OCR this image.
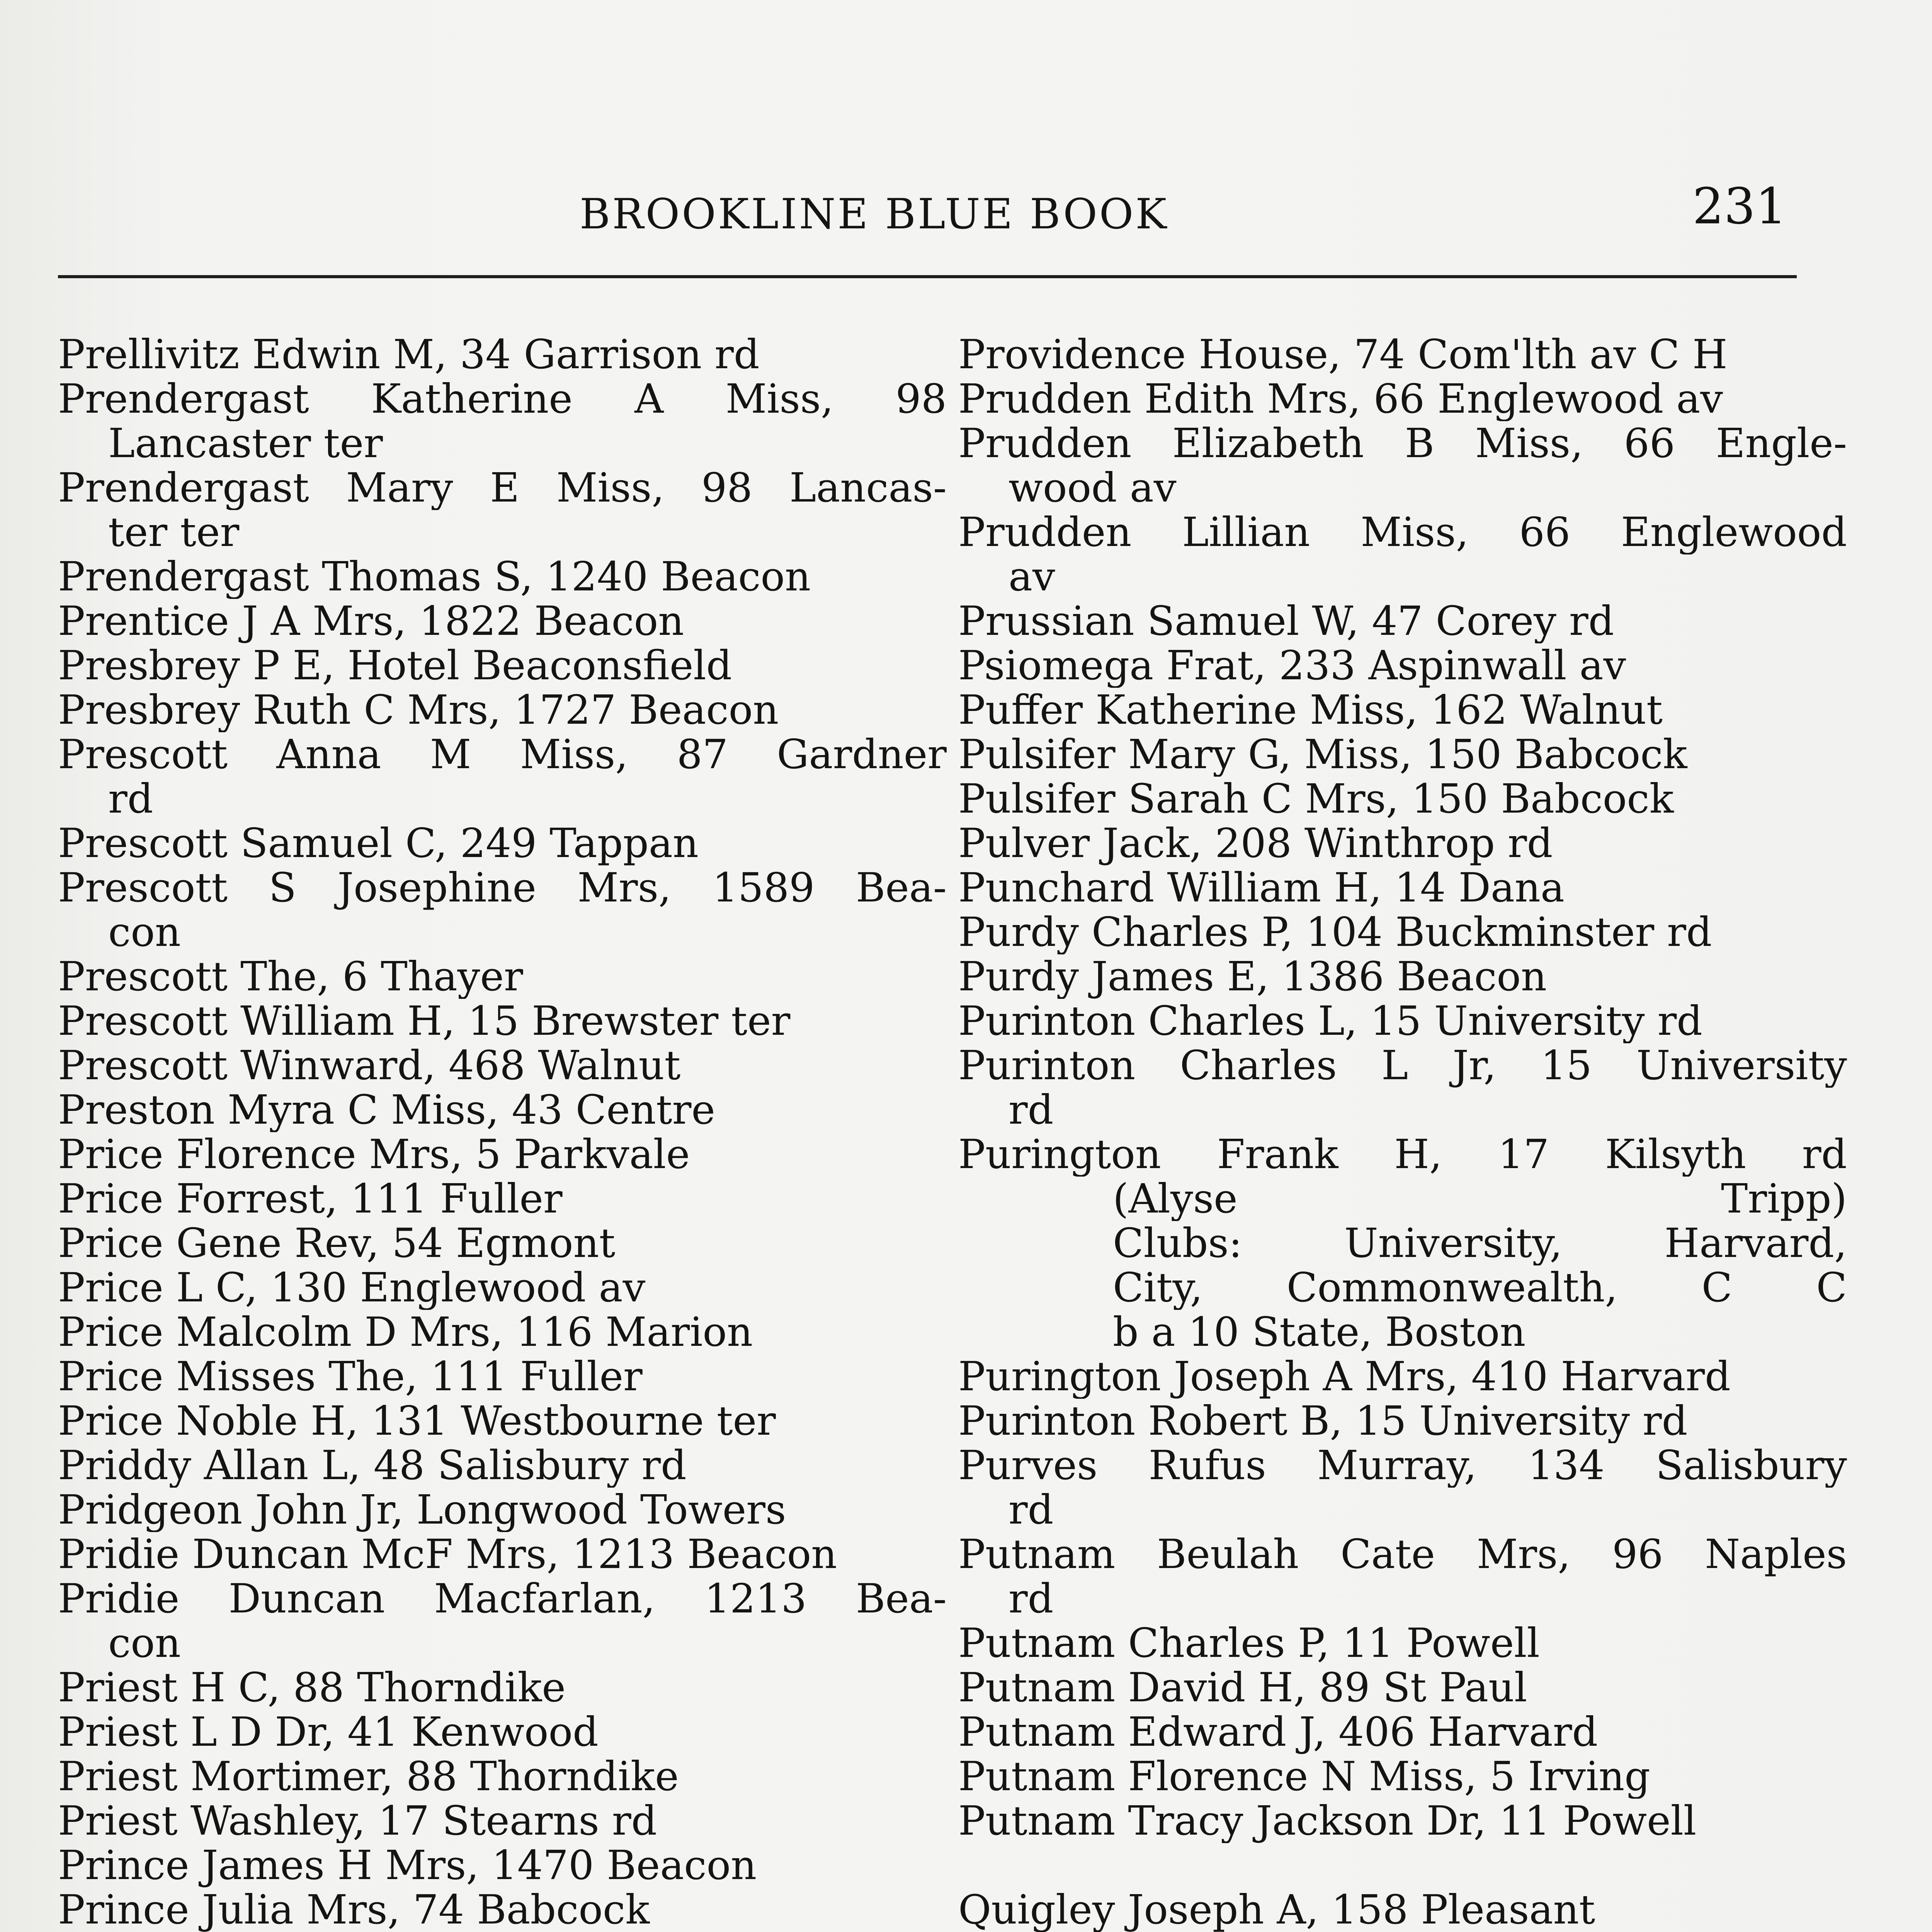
BROOKLINE BLUE BOOK	231
Prellivitz Edwin M, 34 Garrison rd
Prendergast Katherine A Miss, 98
Lancaster ter
Prendergast Mary E Miss, 98 Lancas-
ter ter
Prendergast Thomas S, 1240 Beacon
Prentice J A Mrs, 1822 Beacon
Presbrey P E, Hotel Beaconsfield
Presbrey Ruth C Mrs, 1727 Beacon
Prescott Anna M Miss, 87 Gardner
rd
Prescott Samuel C, 249 Tappan
Prescott S Josephine Mrs, 1589 Bea-
con
Prescott The, 6 Thayer
Prescott William H, 15 Brewster ter
Prescott Winward, 468 Walnut
Preston Myra C Miss, 43 Centre
Price Florence Mrs, 5 Parkvale
Price Forrest, 111 Fuller
Price Gene Rev, 54 Egmont
Price L C, 130 Englewood av
Price Malcolm D Mrs, 116 Marion
Price Misses The, 111 Fuller
Price Noble H, 131 Westbourne ter
Priddy Allan L, 48 Salisbury rd
Pridgeon John Jr, Longwood Towers
Pridie Duncan McF Mrs, 1213 Beacon
Pridie Duncan Macfarlan, 1213 Bea-
con
Priest H C, 88 Thorndike
Priest L D Dr, 41 Kenwood
Priest Mortimer, 88 Thorndike
Priest Washley, 17 Stearns rd
Prince James H Mrs, 1470 Beacon
Prince Julia Mrs, 74 Babcock
Providence House, 74 Com'lth av C H
Prudden Edith Mrs, 66 Englewood av
Prudden Elizabeth B Miss, 66 Engle-
wood av
Prudden Lillian Miss, 66 Englewood
av
Prussian Samuel W, 47 Corey rd
Psiomega Frat, 233 Aspinwall av
Puffer Katherine Miss, 162 Walnut
Pulsifer Mary G, Miss, 150 Babcock
Pulsifer Sarah C Mrs, 150 Babcock
Pulver Jack, 208 Winthrop rd
Punchard William H, 14 Dana
Purdy Charles P, 104 Buckminster rd
Purdy James E, 1386 Beacon
Purinton Charles L, 15 University rd
Purinton Charles L Jr, 15 University
rd
Purington Frank H, 17 Kilsyth rd
(Alyse Tripp)
Clubs: University, Harvard,
City, Commonwealth, C C
b a 10 State, Boston
Purington Joseph A Mrs, 410 Harvard
Purinton Robert B, 15 University rd
Purves Rufus Murray, 134 Salisbury
rd
Putnam Beulah Cate Mrs, 96 Naples
rd
Putnam Charles P, 11 Powell
Putnam David H, 89 St Paul
Putnam Edward J, 406 Harvard
Putnam Florence N Miss, 5 Irving
Putnam Tracy Jackson Dr, 11 Powell
Quigley Joseph A, 158 Pleasant
